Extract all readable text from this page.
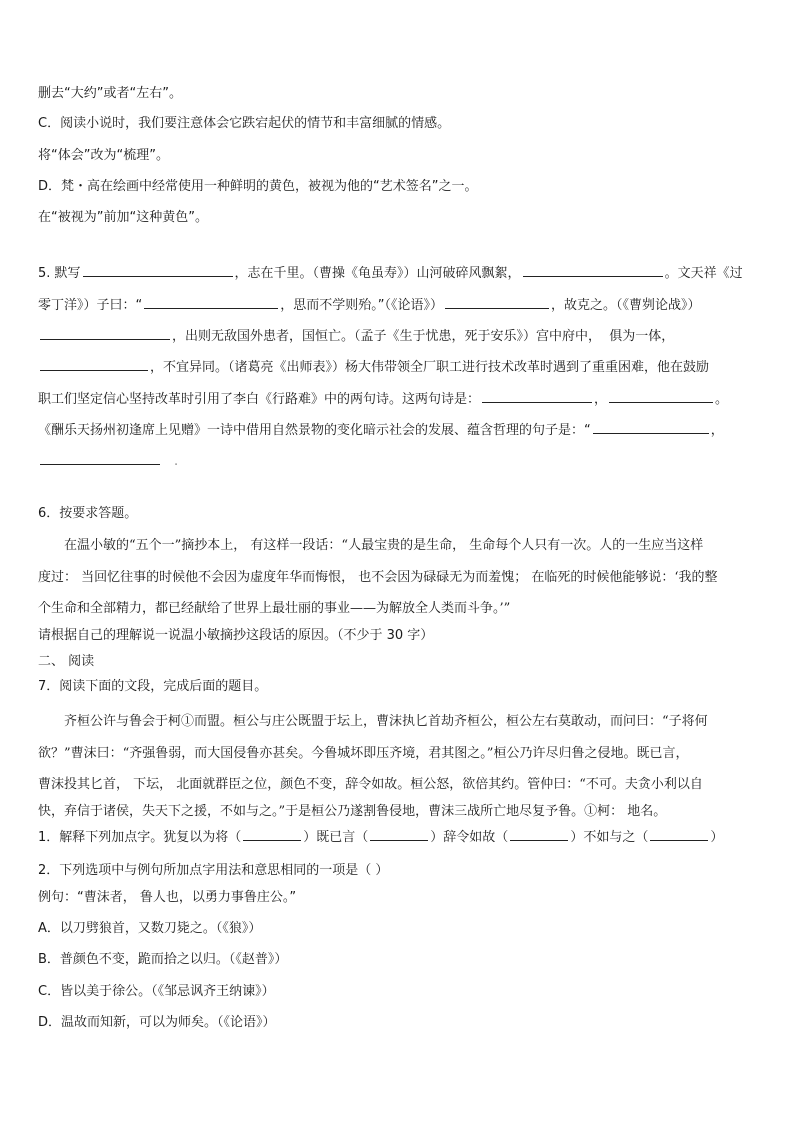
删去“大约”或者“左右”。
C．阅读小说时，我们要注意体会它跌宕起伏的情节和丰富细腻的情感。
将“体会”改为“梳理”。
D．梵・高在绘画中经常使用一种鲜明的黄色，被视为他的“艺术签名”之一。
在“被视为”前加“这种黄色”。
5. 默写	，志在千里。（曹操《龟虽寿》）山河破碎风飘絮，	。文天祥《过
零丁洋》）子曰：“	，思而不学则殆。”（《论语》）	，故克之。（《曹刿论战》）
，出则无敌国外患者，国恒亡。（孟子《生于忧患，死于安乐》）宫中府中，  俱为一体，
，不宜异同。（诸葛亮《出师表》）杨大伟带领全厂职工进行技术改革时遇到了重重困难，他在鼓励
职工们坚定信心坚持改革时引用了李白《行路难》中的两句诗。这两句诗是：	，	。
《酬乐天扬州初逢席上见赠》一诗中借用自然景物的变化暗示社会的发展、蕴含哲理的句子是：“	，
.
6．按要求答题。
在温小敏的“五个一”摘抄本上， 有这样一段话：“人最宝贵的是生命， 生命每个人只有一次。人的一生应当这样
度过： 当回忆往事的时候他不会因为虚度年华而悔恨， 也不会因为碌碌无为而羞愧； 在临死的时候他能够说：‘我的整
个生命和全部精力，都已经献给了世界上最壮丽的事业——为解放全人类而斗争。’”
请根据自己的理解说一说温小敏摘抄这段话的原因。（不少于 30 字）
二、 阅读
7．阅读下面的文段，完成后面的题目。
齐桓公许与鲁会于柯①而盟。桓公与庄公既盟于坛上，曹沫执匕首劫齐桓公，桓公左右莫敢动，而问曰：“子将何
欲？”曹沫曰：“齐强鲁弱，而大国侵鲁亦甚矣。今鲁城坏即压齐境，君其图之。”桓公乃许尽归鲁之侵地。既已言，
曹沫投其匕首， 下坛， 北面就群臣之位，颜色不变，辞令如故。桓公怒，欲倍其约。管仲曰：“不可。夫贪小利以自
快，弃信于诸侯，失天下之援，不如与之。”于是桓公乃遂割鲁侵地，曹沫三战所亡地尽复予鲁。①柯： 地名。
1．解释下列加点字。犹复以为将（	）既已言（	）辞令如故（	）不如与之（	）
2．下列选项中与例句所加点字用法和意思相同的一项是（ ）
例句：“曹沫者， 鲁人也，以勇力事鲁庄公。”
A．以刀劈狼首，又数刀毙之。（《狼》）
B．普颜色不变，跪而拾之以归。（《赵普》）
C．皆以美于徐公。（《邹忌讽齐王纳谏》）
D．温故而知新，可以为师矣。（《论语》）
